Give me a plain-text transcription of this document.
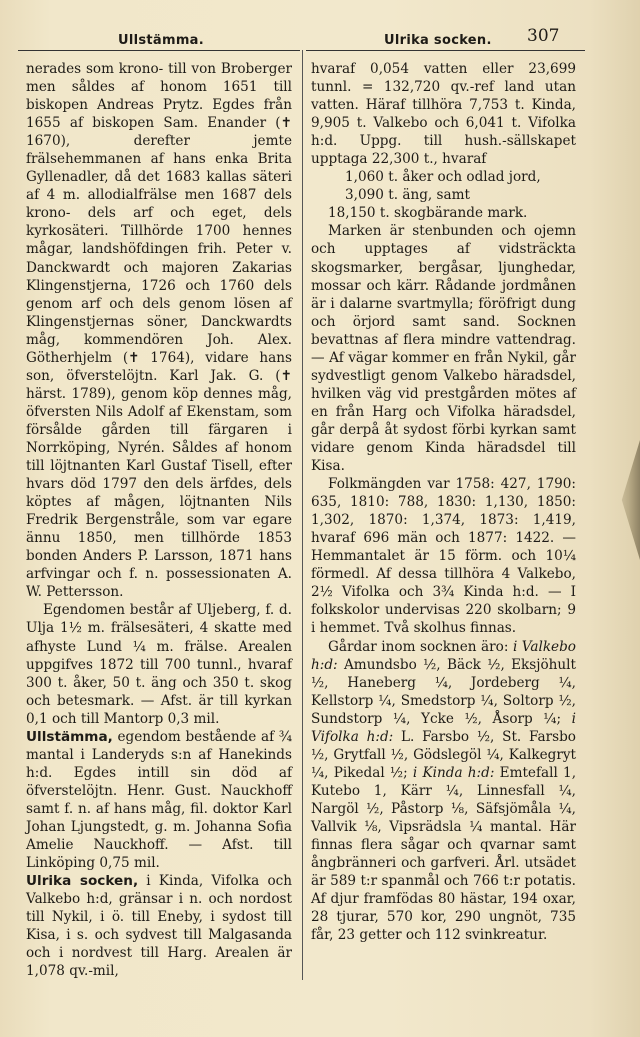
Ullstämma.	Ulrika socken. 307

nerades som krono- till von Broberger men såldes af honom 1651 till biskopen Andreas Prytz. Egdes från 1655 af biskopen Sam. Enander (✝ 1670), derefter jemte frälsehemmanen af hans enka Brita Gyllenadler, då det 1683 kallas säteri af 4 m. allodialfrälse men 1687 dels krono- dels arf och eget, dels kyrkosäteri. Tillhörde 1700 hennes mågar, landshöfdingen frih. Peter v. Danckwardt och majoren Zakarias Klingenstjerna, 1726 och 1760 dels genom arf och dels genom lösen af Klingenstjernas söner, Danckwardts måg, kommendören Joh. Alex. Götherhjelm (✝ 1764), vidare hans son, öfverstelöjtn. Karl Jak. G. (✝ härst. 1789), genom köp dennes måg, öfversten Nils Adolf af Ekenstam, som försålde gården till färgaren i Norrköping, Nyrén. Såldes af honom till löjtnanten Karl Gustaf Tisell, efter hvars död 1797 den dels ärfdes, dels köptes af mågen, löjtnanten Nils Fredrik Bergenstråle, som var egare ännu 1850, men tillhörde 1853 bonden Anders P. Larsson, 1871 hans arfvingar och f. n. possessionaten A. W. Pettersson.

Egendomen består af Uljeberg, f. d. Ulja 1½ m. frälsesäteri, 4 skatte med afhyste Lund ¼ m. frälse. Arealen uppgifves 1872 till 700 tunnl., hvaraf 300 t. åker, 50 t. äng och 350 t. skog och betesmark. — Afst. är till kyrkan 0,1 och till Mantorp 0,3 mil.

Ullstämma, egendom bestående af ¾ mantal i Landeryds s:n af Hanekinds h:d. Egdes intill sin död af öfverstelöjtn. Henr. Gust. Nauckhoff samt f. n. af hans måg, fil. doktor Karl Johan Ljungstedt, g. m. Johanna Sofia Amelie Nauckhoff. — Afst. till Linköping 0,75 mil.

Ulrika socken, i Kinda, Vifolka och Valkebo h:d, gränsar i n. och nordost till Nykil, i ö. till Eneby, i sydost till Kisa, i s. och sydvest till Malgasanda och i nordvest till Harg. Arealen är 1,078 qv.-mil,

hvaraf 0,054 vatten eller 23,699 tunnl. = 132,720 qv.-ref land utan vatten. Häraf tillhöra 7,753 t. Kinda, 9,905 t. Valkebo och 6,041 t. Vifolka h:d. Uppg. till hush.-sällskapet upptaga 22,300 t., hvaraf

1,060 t. åker och odlad jord,
3,090 t. äng, samt
18,150 t. skogbärande mark.

Marken är stenbunden och ojemn och upptages af vidsträckta skogsmarker, bergåsar, ljunghedar, mossar och kärr. Rådande jordmånen är i dalarne svartmylla; föröfrigt dung och örjord samt sand. Socknen bevattnas af flera mindre vattendrag. — Af vägar kommer en från Nykil, går sydvestligt genom Valkebo häradsdel, hvilken väg vid prestgården mötes af en från Harg och Vifolka häradsdel, går derpå åt sydost förbi kyrkan samt vidare genom Kinda häradsdel till Kisa.

Folkmängden var 1758: 427, 1790: 635, 1810: 788, 1830: 1,130, 1850: 1,302, 1870: 1,374, 1873: 1,419, hvaraf 696 män och 1877: 1422. — Hemmantalet är 15 förm. och 10¼ förmedl. Af dessa tillhöra 4 Valkebo, 2½ Vifolka och 3¾ Kinda h:d. — I folkskolor undervisas 220 skolbarn; 9 i hemmet. Två skolhus finnas.

Gårdar inom socknen äro: i Valkebo h:d: Amundsbo ½, Bäck ½, Eksjöhult ½, Haneberg ¼, Jordeberg ¼, Kellstorp ¼, Smedstorp ¼, Soltorp ½, Sundstorp ¼, Ycke ½, Åsorp ¼; i Vifolka h:d: L. Farsbo ½, St. Farsbo ½, Grytfall ½, Gödslegöl ¼, Kalkegryt ¼, Pikedal ½; i Kinda h:d: Emtefall 1, Kutebo 1, Kärr ¼, Linnesfall ¼, Nargöl ½, Påstorp ⅛, Säfsjömåla ¼, Vallvik ⅛, Vipsrädsla ¼ mantal. Här finnas flera sågar och qvarnar samt ångbränneri och garfveri. Årl. utsädet är 589 t:r spanmål och 766 t:r potatis. Af djur framfödas 80 hästar, 194 oxar, 28 tjurar, 570 kor, 290 ungnöt, 735 får, 23 getter och 112 svinkreatur.
